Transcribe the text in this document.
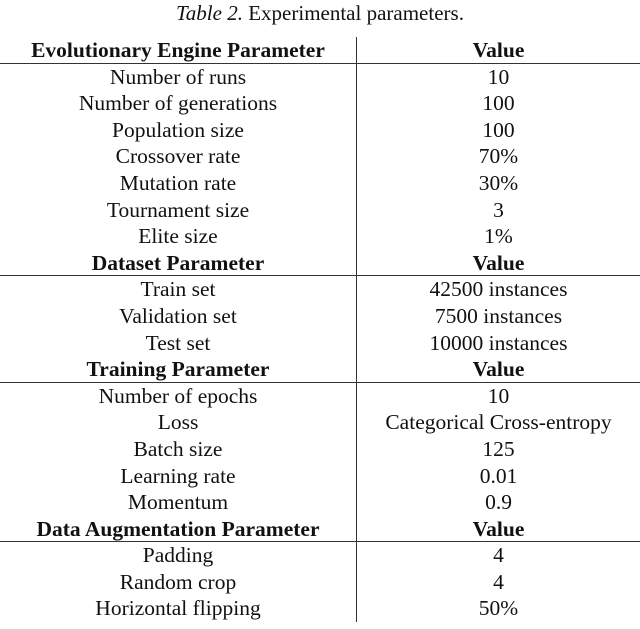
Table 2. Experimental parameters.
Evolutionary Engine Parameter	Value
Number of runs	10
Number of generations	100
Population size	100
Crossover rate	70%
Mutation rate	30%
Tournament size	3
Elite size	1%
Dataset Parameter	Value
Train set	42500 instances
Validation set	7500 instances
Test set	10000 instances
Training Parameter	Value
Number of epochs	10
Loss	Categorical Cross-entropy
Batch size	125
Learning rate	0.01
Momentum	0.9
Data Augmentation Parameter	Value
Padding	4
Random crop	4
Horizontal flipping	50%
